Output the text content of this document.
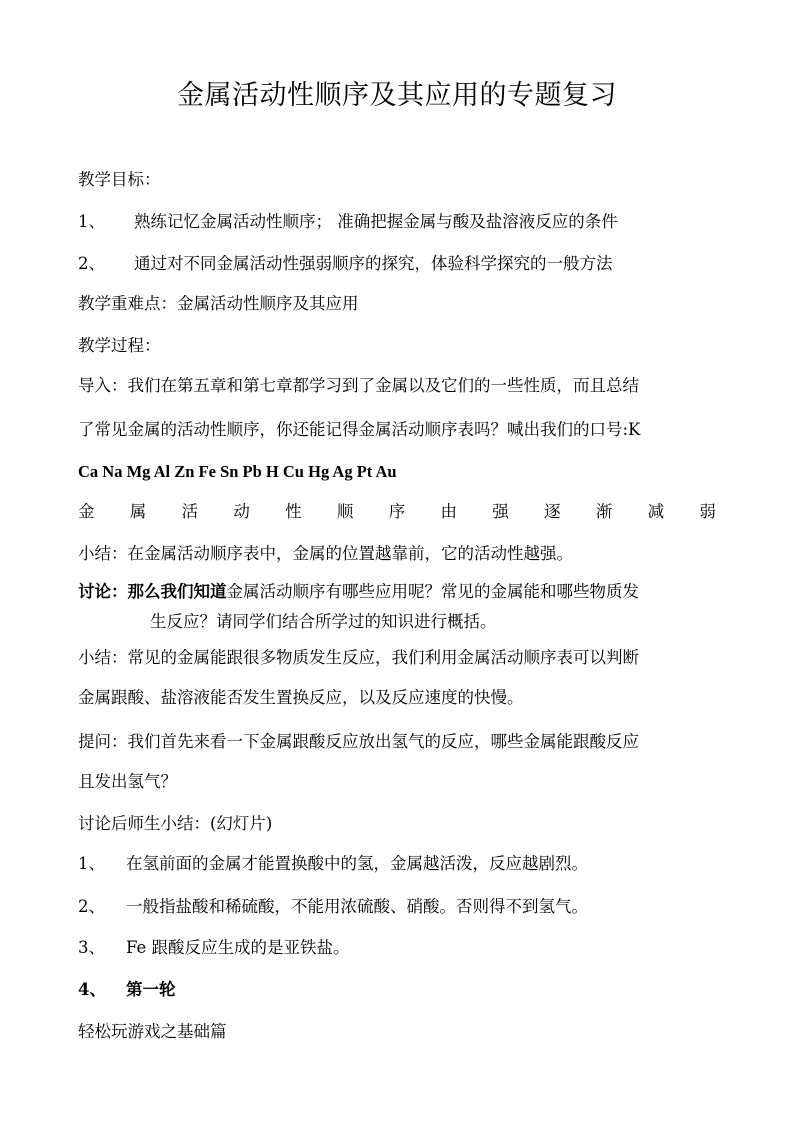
金属活动性顺序及其应用的专题复习
教学目标：
1、 熟练记忆金属活动性顺序； 准确把握金属与酸及盐溶液反应的条件
2、 通过对不同金属活动性强弱顺序的探究，体验科学探究的一般方法
教学重难点：金属活动性顺序及其应用
教学过程：
导入：我们在第五章和第七章都学习到了金属以及它们的一些性质，而且总结
了常见金属的活动性顺序，你还能记得金属活动顺序表吗？喊出我们的口号:K
Ca Na Mg Al Zn Fe Sn Pb H Cu Hg Ag Pt Au
金 属 活 动 性 顺 序 由 强 逐 渐 减 弱
小结：在金属活动顺序表中，金属的位置越靠前，它的活动性越强。
讨论：那么我们知道金属活动顺序有哪些应用呢？常见的金属能和哪些物质发
生反应？请同学们结合所学过的知识进行概括。
小结：常见的金属能跟很多物质发生反应，我们利用金属活动顺序表可以判断
金属跟酸、盐溶液能否发生置换反应，以及反应速度的快慢。
提问：我们首先来看一下金属跟酸反应放出氢气的反应，哪些金属能跟酸反应
且发出氢气？
讨论后师生小结：(幻灯片)
1、 在氢前面的金属才能置换酸中的氢，金属越活泼，反应越剧烈。
2、 一般指盐酸和稀硫酸，不能用浓硫酸、硝酸。否则得不到氢气。
3、 Fe 跟酸反应生成的是亚铁盐。
4、 第一轮
轻松玩游戏之基础篇
